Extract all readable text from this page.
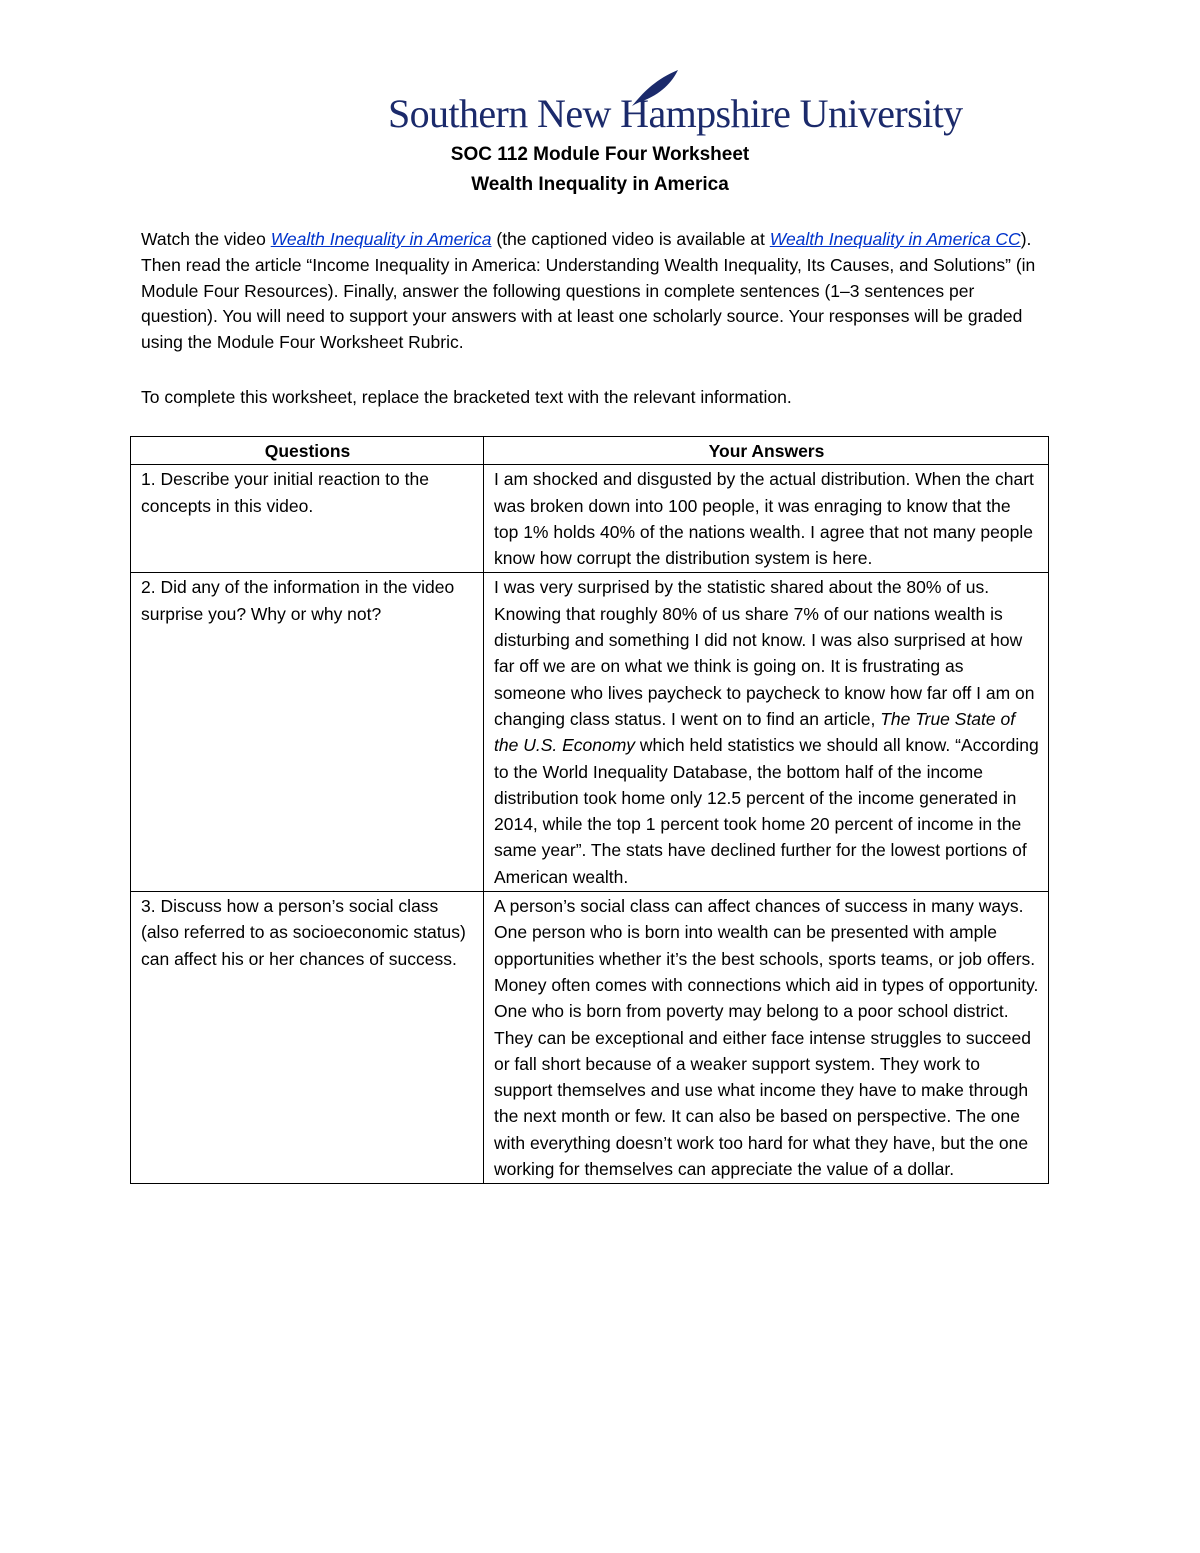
Southern New Hampshire University
SOC 112 Module Four Worksheet
Wealth Inequality in America
Watch the video Wealth Inequality in America (the captioned video is available at Wealth Inequality in America CC). Then read the article “Income Inequality in America: Understanding Wealth Inequality, Its Causes, and Solutions” (in Module Four Resources). Finally, answer the following questions in complete sentences (1–3 sentences per question). You will need to support your answers with at least one scholarly source. Your responses will be graded using the Module Four Worksheet Rubric.
To complete this worksheet, replace the bracketed text with the relevant information.
Questions	Your Answers
1. Describe your initial reaction to the concepts in this video.	I am shocked and disgusted by the actual distribution. When the chart was broken down into 100 people, it was enraging to know that the top 1% holds 40% of the nations wealth. I agree that not many people know how corrupt the distribution system is here.
2. Did any of the information in the video surprise you? Why or why not?	I was very surprised by the statistic shared about the 80% of us. Knowing that roughly 80% of us share 7% of our nations wealth is disturbing and something I did not know. I was also surprised at how far off we are on what we think is going on. It is frustrating as someone who lives paycheck to paycheck to know how far off I am on changing class status. I went on to find an article, The True State of the U.S. Economy which held statistics we should all know. “According to the World Inequality Database, the bottom half of the income distribution took home only 12.5 percent of the income generated in 2014, while the top 1 percent took home 20 percent of income in the same year”. The stats have declined further for the lowest portions of American wealth.
3. Discuss how a person’s social class (also referred to as socioeconomic status) can affect his or her chances of success.	A person’s social class can affect chances of success in many ways. One person who is born into wealth can be presented with ample opportunities whether it’s the best schools, sports teams, or job offers. Money often comes with connections which aid in types of opportunity. One who is born from poverty may belong to a poor school district. They can be exceptional and either face intense struggles to succeed or fall short because of a weaker support system. They work to support themselves and use what income they have to make through the next month or few. It can also be based on perspective. The one with everything doesn’t work too hard for what they have, but the one working for themselves can appreciate the value of a dollar.
